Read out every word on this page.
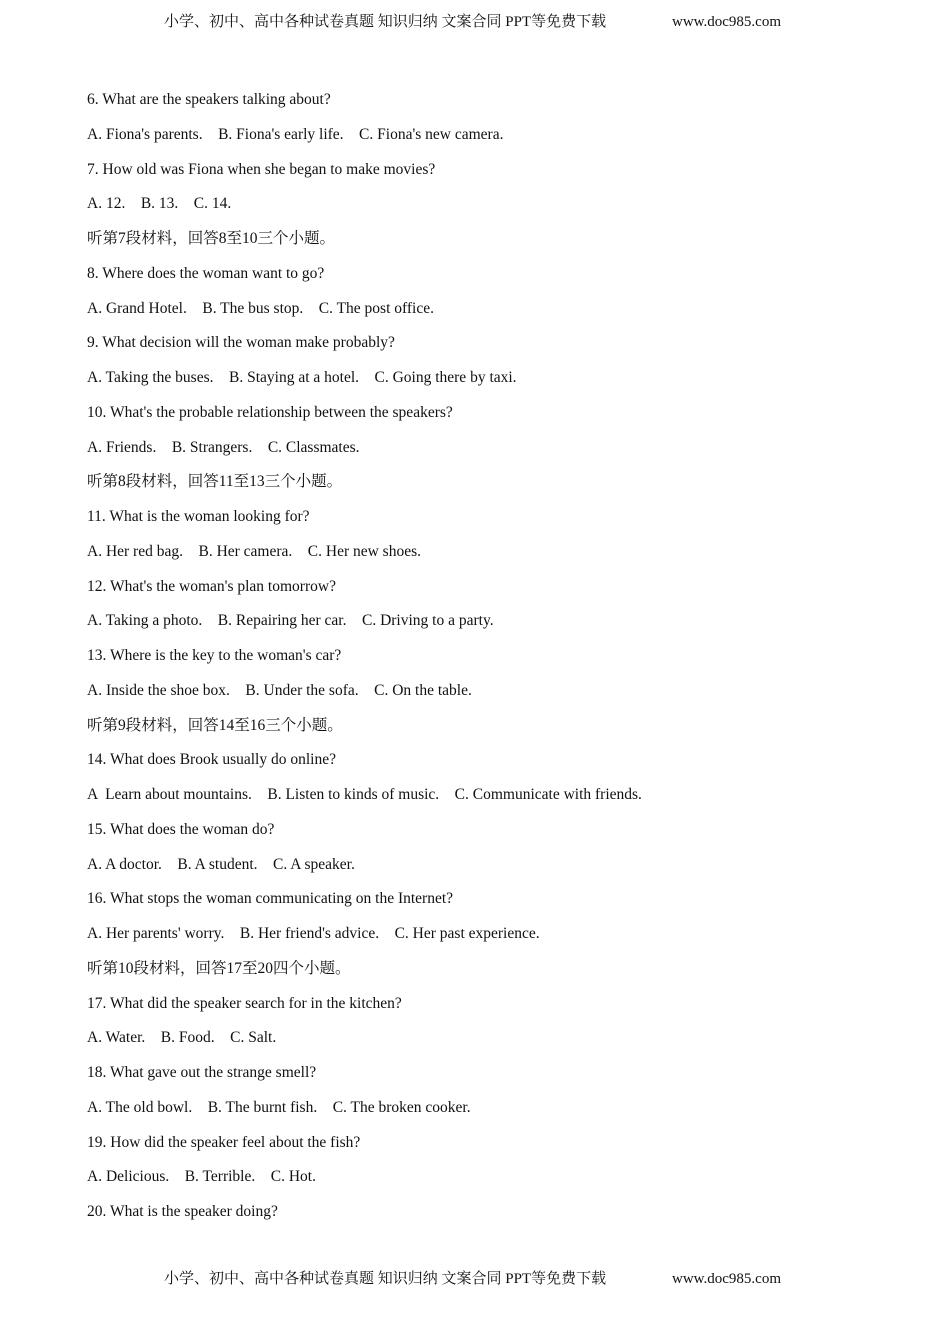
小学、初中、高中各种试卷真题 知识归纳 文案合同 PPT等免费下载	www.doc985.com
6. What are the speakers talking about?
A. Fiona's parents.    B. Fiona's early life.    C. Fiona's new camera.
7. How old was Fiona when she began to make movies?
A. 12.    B. 13.    C. 14.
听第7段材料，回答8至10三个小题。
8. Where does the woman want to go?
A. Grand Hotel.    B. The bus stop.    C. The post office.
9. What decision will the woman make probably?
A. Taking the buses.    B. Staying at a hotel.    C. Going there by taxi.
10. What's the probable relationship between the speakers?
A. Friends.    B. Strangers.    C. Classmates.
听第8段材料，回答11至13三个小题。
11. What is the woman looking for?
A. Her red bag.    B. Her camera.    C. Her new shoes.
12. What's the woman's plan tomorrow?
A. Taking a photo.    B. Repairing her car.    C. Driving to a party.
13. Where is the key to the woman's car?
A. Inside the shoe box.    B. Under the sofa.    C. On the table.
听第9段材料，回答14至16三个小题。
14. What does Brook usually do online?
A  Learn about mountains.    B. Listen to kinds of music.    C. Communicate with friends.
15. What does the woman do?
A. A doctor.    B. A student.    C. A speaker.
16. What stops the woman communicating on the Internet?
A. Her parents' worry.    B. Her friend's advice.    C. Her past experience.
听第10段材料，回答17至20四个小题。
17. What did the speaker search for in the kitchen?
A. Water.    B. Food.    C. Salt.
18. What gave out the strange smell?
A. The old bowl.    B. The burnt fish.    C. The broken cooker.
19. How did the speaker feel about the fish?
A. Delicious.    B. Terrible.    C. Hot.
20. What is the speaker doing?
小学、初中、高中各种试卷真题 知识归纳 文案合同 PPT等免费下载	www.doc985.com
